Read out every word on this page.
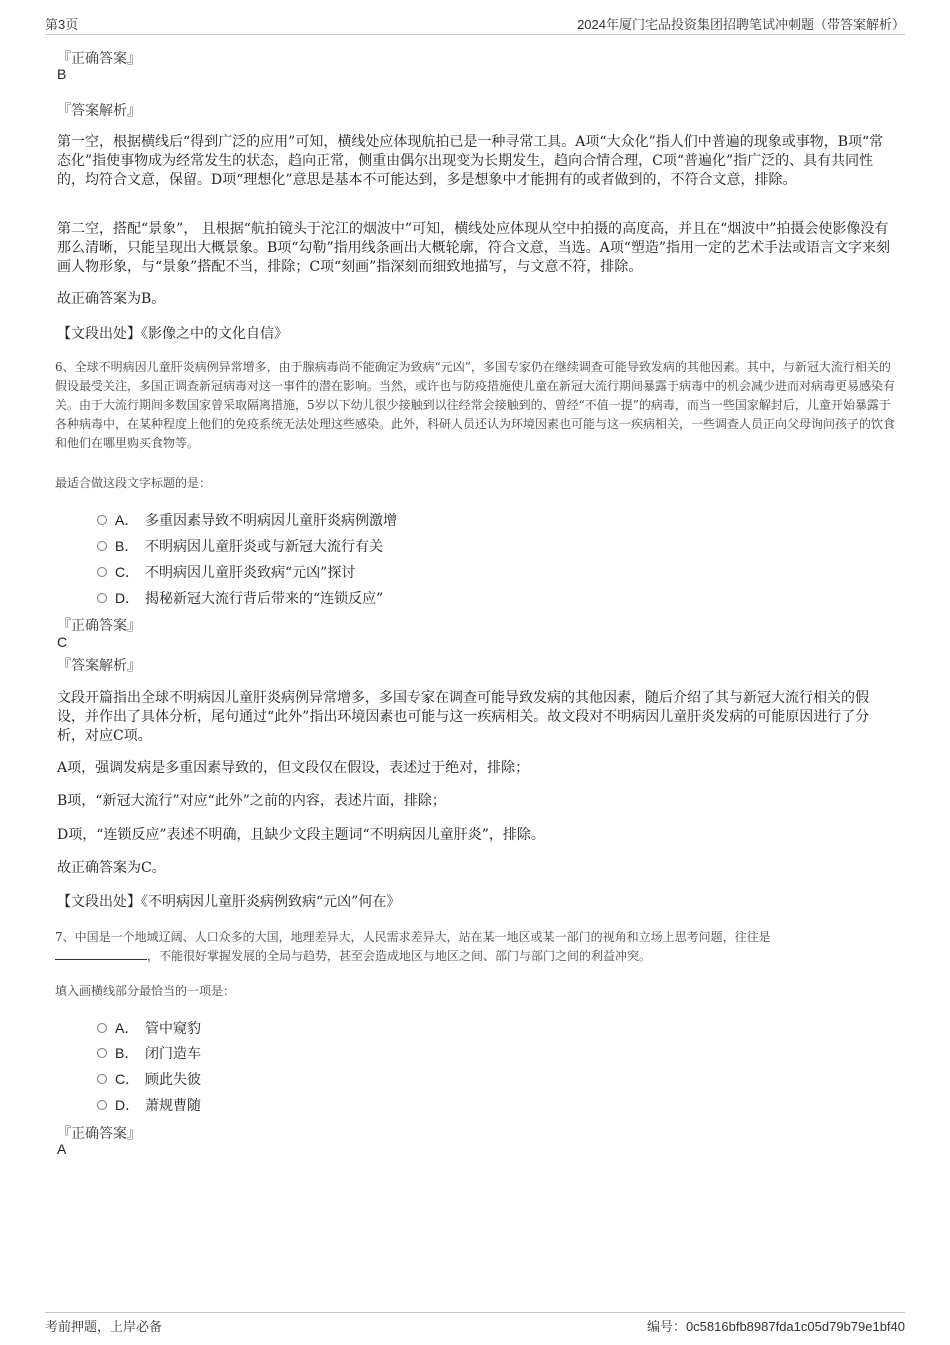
第3页	2024年厦门宅品投资集团招聘笔试冲刺题（带答案解析）
『正确答案』
B
『答案解析』

第一空，根据横线后“得到广泛的应用”可知，横线处应体现航拍已是一种寻常工具。A项“大众化”指人们中普遍的现象或事物，B项“常态化”指使事物成为经常发生的状态，趋向正常，侧重由偶尔出现变为长期发生，趋向合情合理，C项“普遍化”指广泛的、具有共同性的，均符合文意，保留。D项“理想化”意思是基本不可能达到，多是想象中才能拥有的或者做到的，不符合文意，排除。

第二空，搭配“景象”， 且根据“航拍镜头于沱江的烟波中”可知，横线处应体现从空中拍摄的高度高，并且在“烟波中”拍摄会使影像没有那么清晰，只能呈现出大概景象。B项“勾勒”指用线条画出大概轮廓，符合文意，当选。A项“塑造”指用一定的艺术手法或语言文字来刻画人物形象，与“景象”搭配不当，排除；C项“刻画”指深刻而细致地描写，与文意不符，排除。

故正确答案为B。

【文段出处】《影像之中的文化自信》

6、全球不明病因儿童肝炎病例异常增多，由于腺病毒尚不能确定为致病“元凶”，多国专家仍在继续调查可能导致发病的其他因素。其中，与新冠大流行相关的假设最受关注，多国正调查新冠病毒对这一事件的潜在影响。当然，或许也与防疫措施使儿童在新冠大流行期间暴露于病毒中的机会减少进而对病毒更易感染有关。由于大流行期间多数国家曾采取隔离措施，5岁以下幼儿很少接触到以往经常会接触到的、曾经“不值一提”的病毒，而当一些国家解封后，儿童开始暴露于各种病毒中，在某种程度上他们的免疫系统无法处理这些感染。此外，科研人员还认为环境因素也可能与这一疾病相关，一些调查人员正向父母询问孩子的饮食和他们在哪里购买食物等。

最适合做这段文字标题的是：

A． 多重因素导致不明病因儿童肝炎病例激增
B． 不明病因儿童肝炎或与新冠大流行有关
C． 不明病因儿童肝炎致病“元凶”探讨
D． 揭秘新冠大流行背后带来的“连锁反应”
『正确答案』
C
『答案解析』

文段开篇指出全球不明病因儿童肝炎病例异常增多，多国专家在调查可能导致发病的其他因素，随后介绍了其与新冠大流行相关的假设，并作出了具体分析，尾句通过“此外”指出环境因素也可能与这一疾病相关。故文段对不明病因儿童肝炎发病的可能原因进行了分析，对应C项。

A项，强调发病是多重因素导致的，但文段仅在假设，表述过于绝对，排除；

B项，“新冠大流行”对应“此外”之前的内容，表述片面，排除；

D项，“连锁反应”表述不明确，且缺少文段主题词“不明病因儿童肝炎”，排除。

故正确答案为C。

【文段出处】《不明病因儿童肝炎病例致病“元凶”何在》

7、中国是一个地域辽阔、人口众多的大国，地理差异大，人民需求差异大，站在某一地区或某一部门的视角和立场上思考问题，往往是
，不能很好掌握发展的全局与趋势，甚至会造成地区与地区之间、部门与部门之间的利益冲突。

填入画横线部分最恰当的一项是：

A． 管中窥豹
B． 闭门造车
C． 顾此失彼
D． 萧规曹随
『正确答案』
A
考前押题，上岸必备	编号：0c5816bfb8987fda1c05d79b79e1bf40
